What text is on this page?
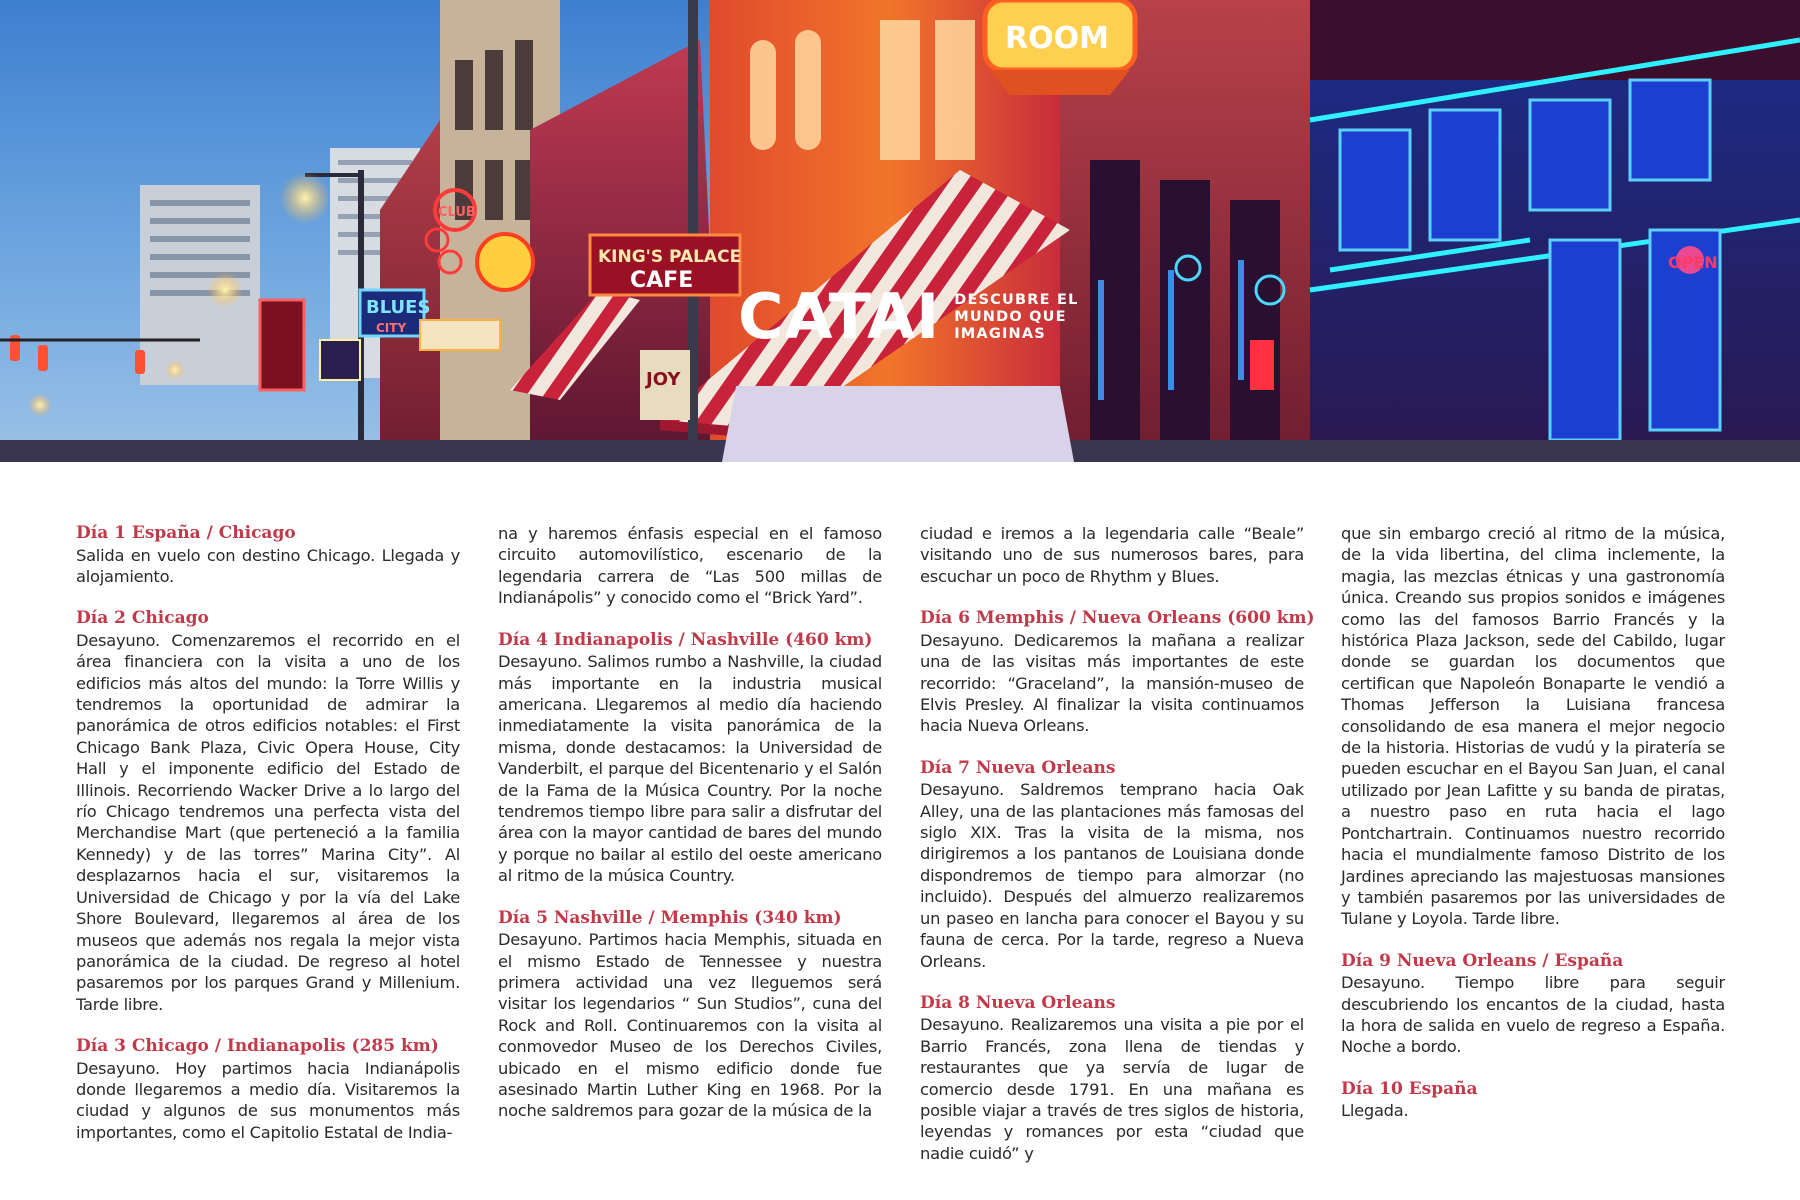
OPEN
CLUB
BLUES
CITY
KING'S PALACE
CAFE
JOY
ROOM
CATAI DESCUBRE EL
MUNDO QUE
IMAGINAS
Día 1 España / Chicago
Salida en vuelo con destino Chicago. Llegada y alojamiento.
Día 2 Chicago
Desayuno. Comenzaremos el recorrido en el área financiera con la visita a uno de los edificios más altos del mundo: la Torre Willis y tendremos la oportunidad de admirar la panorámica de otros edificios notables: el First Chicago Bank Plaza, Civic Opera House, City Hall y el imponente edificio del Estado de Illinois. Recorriendo Wacker Drive a lo largo del río Chicago tendremos una perfecta vista del Merchandise Mart (que perteneció a la familia Kennedy) y de las torres” Marina City”. Al desplazarnos hacia el sur, visitaremos la Universidad de Chicago y por la vía del Lake Shore Boulevard, llegaremos al área de los museos que además nos regala la mejor vista panorámica de la ciudad. De regreso al hotel pasaremos por los parques Grand y Millenium. Tarde libre.
Día 3 Chicago / Indianapolis (285 km)
Desayuno. Hoy partimos hacia Indianápolis donde llegaremos a medio día. Visitaremos la ciudad y algunos de sus monumentos más importantes, como el Capitolio Estatal de India-
na y haremos énfasis especial en el famoso circuito automovilístico, escenario de la legendaria carrera de “Las 500 millas de Indianápolis” y conocido como el “Brick Yard”.
Día 4 Indianapolis / Nashville (460 km)
Desayuno. Salimos rumbo a Nashville, la ciudad más importante en la industria musical americana. Llegaremos al medio día haciendo inmediatamente la visita panorámica de la misma, donde destacamos: la Universidad de Vanderbilt, el parque del Bicentenario y el Salón de la Fama de la Música Country. Por la noche tendremos tiempo libre para salir a disfrutar del área con la mayor cantidad de bares del mundo y porque no bailar al estilo del oeste americano al ritmo de la música Country.
Día 5 Nashville / Memphis (340 km)
Desayuno. Partimos hacia Memphis, situada en el mismo Estado de Tennessee y nuestra primera actividad una vez lleguemos será visitar los legendarios “ Sun Studios”, cuna del Rock and Roll. Continuaremos con la visita al conmovedor Museo de los Derechos Civiles, ubicado en el mismo edificio donde fue asesinado Martin Luther King en 1968. Por la noche saldremos para gozar de la música de la
ciudad e iremos a la legendaria calle “Beale” visitando uno de sus numerosos bares, para escuchar un poco de Rhythm y Blues.
Día 6 Memphis / Nueva Orleans (600 km)
Desayuno. Dedicaremos la mañana a realizar una de las visitas más importantes de este recorrido: “Graceland”, la mansión-museo de Elvis Presley. Al finalizar la visita continuamos hacia Nueva Orleans.
Día 7 Nueva Orleans
Desayuno. Saldremos temprano hacia Oak Alley, una de las plantaciones más famosas del siglo XIX. Tras la visita de la misma, nos dirigiremos a los pantanos de Louisiana donde dispondremos de tiempo para almorzar (no incluido). Después del almuerzo realizaremos un paseo en lancha para conocer el Bayou y su fauna de cerca. Por la tarde, regreso a Nueva Orleans.
Día 8 Nueva Orleans
Desayuno. Realizaremos una visita a pie por el Barrio Francés, zona llena de tiendas y restaurantes que ya servía de lugar de comercio desde 1791. En una mañana es posible viajar a través de tres siglos de historia, leyendas y romances por esta “ciudad que nadie cuidó” y
que sin embargo creció al ritmo de la música, de la vida libertina, del clima inclemente, la magia, las mezclas étnicas y una gastronomía única. Creando sus propios sonidos e imágenes como las del famosos Barrio Francés y la histórica Plaza Jackson, sede del Cabildo, lugar donde se guardan los documentos que certifican que Napoleón Bonaparte le vendió a Thomas Jefferson la Luisiana francesa consolidando de esa manera el mejor negocio de la historia. Historias de vudú y la piratería se pueden escuchar en el Bayou San Juan, el canal utilizado por Jean Lafitte y su banda de piratas, a nuestro paso en ruta hacia el lago Pontchartrain. Continuamos nuestro recorrido hacia el mundialmente famoso Distrito de los Jardines apreciando las majestuosas mansiones y también pasaremos por las universidades de Tulane y Loyola. Tarde libre.
Día 9 Nueva Orleans / España
Desayuno. Tiempo libre para seguir descubriendo los encantos de la ciudad, hasta la hora de salida en vuelo de regreso a España. Noche a bordo.
Día 10 España
Llegada.
